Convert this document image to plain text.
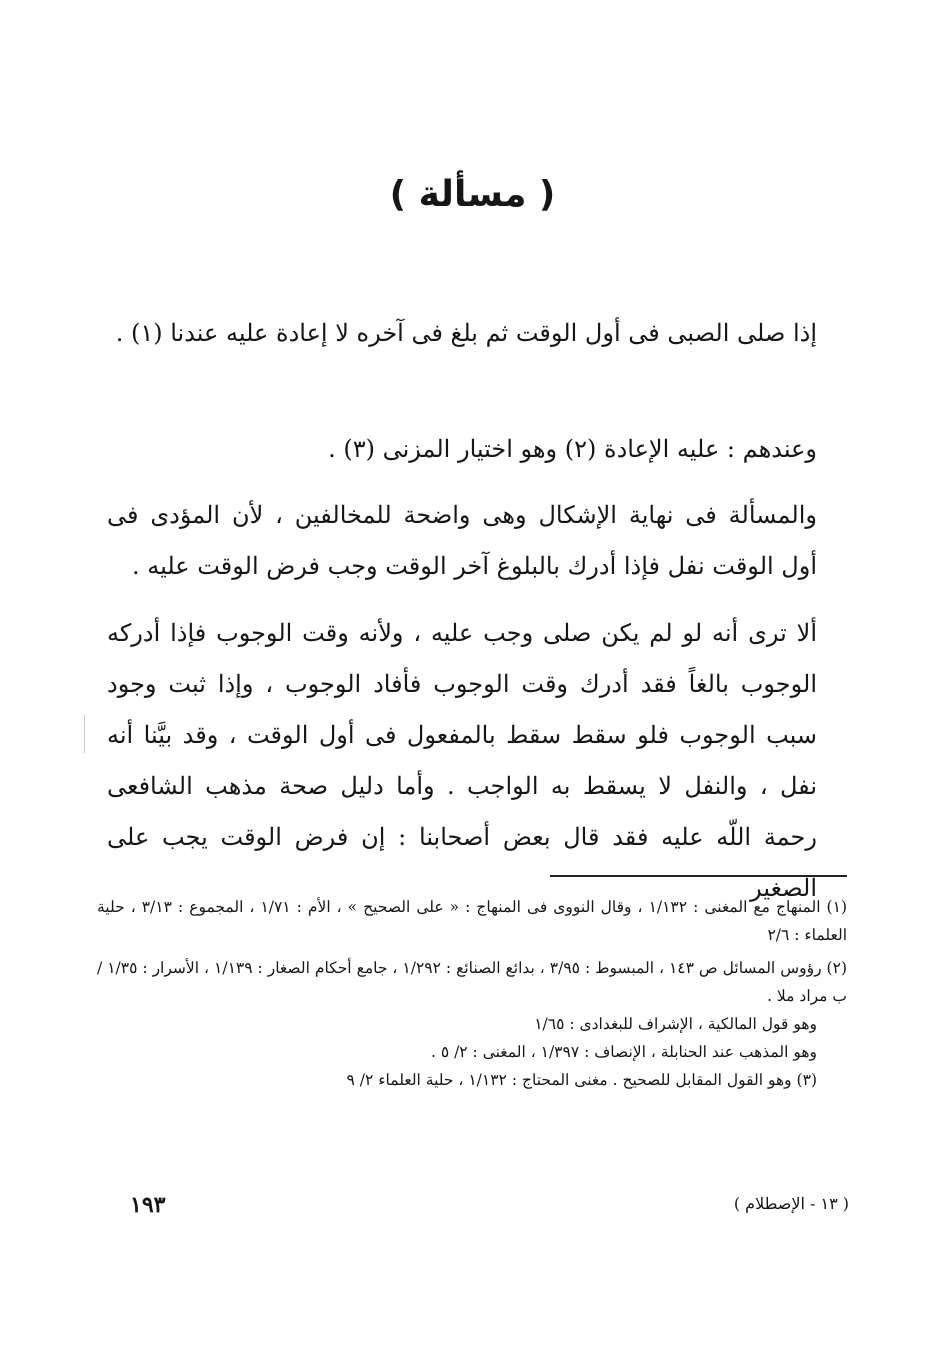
( مسألة )
إذا صلى الصبى فى أول الوقت ثم بلغ فى آخره لا إعادة عليه عندنا (١) .
وعندهم : عليه الإعادة (٢) وهو اختيار المزنى (٣) .
والمسألة فى نهاية الإشكال وهى واضحة للمخالفين ، لأن المؤدى فى أول الوقت نفل فإذا أدرك بالبلوغ آخر الوقت وجب فرض الوقت عليه .
ألا ترى أنه لو لم يكن صلى وجب عليه ، ولأنه وقت الوجوب فإذا أدركه الوجوب بالغاً فقد أدرك وقت الوجوب فأفاد الوجوب ، وإذا ثبت وجود سبب الوجوب فلو سقط سقط بالمفعول فى أول الوقت ، وقد بيَّنا أنه نفل ، والنفل لا يسقط به الواجب . وأما دليل صحة مذهب الشافعى رحمة اللّه عليه فقد قال بعض أصحابنا : إن فرض الوقت يجب على الصغير
(١) المنهاج مع المغنى : ١/١٣٢ ، وقال النووى فى المنهاج : « على الصحيح » ، الأم : ١/٧١ ، المجموع : ٣/١٣ ، حلية العلماء : ٢/٦
(٢) رؤوس المسائل ص ١٤٣ ، المبسوط : ٣/٩٥ ، بدائع الصنائع : ١/٢٩٢ ، جامع أحكام الصغار : ١/١٣٩ ، الأسرار : ١/٣٥ / ب مراد ملا .
وهو قول المالكية ، الإشراف للبغدادى : ١/٦٥
وهو المذهب عند الحنابلة ، الإنصاف : ١/٣٩٧ ، المغنى : ٢/ ٥ .
(٣) وهو القول المقابل للصحيح . مغنى المحتاج : ١/١٣٢ ، حلية العلماء ٢/ ٩
١٩٣	( ١٣ - الإصطلام )
